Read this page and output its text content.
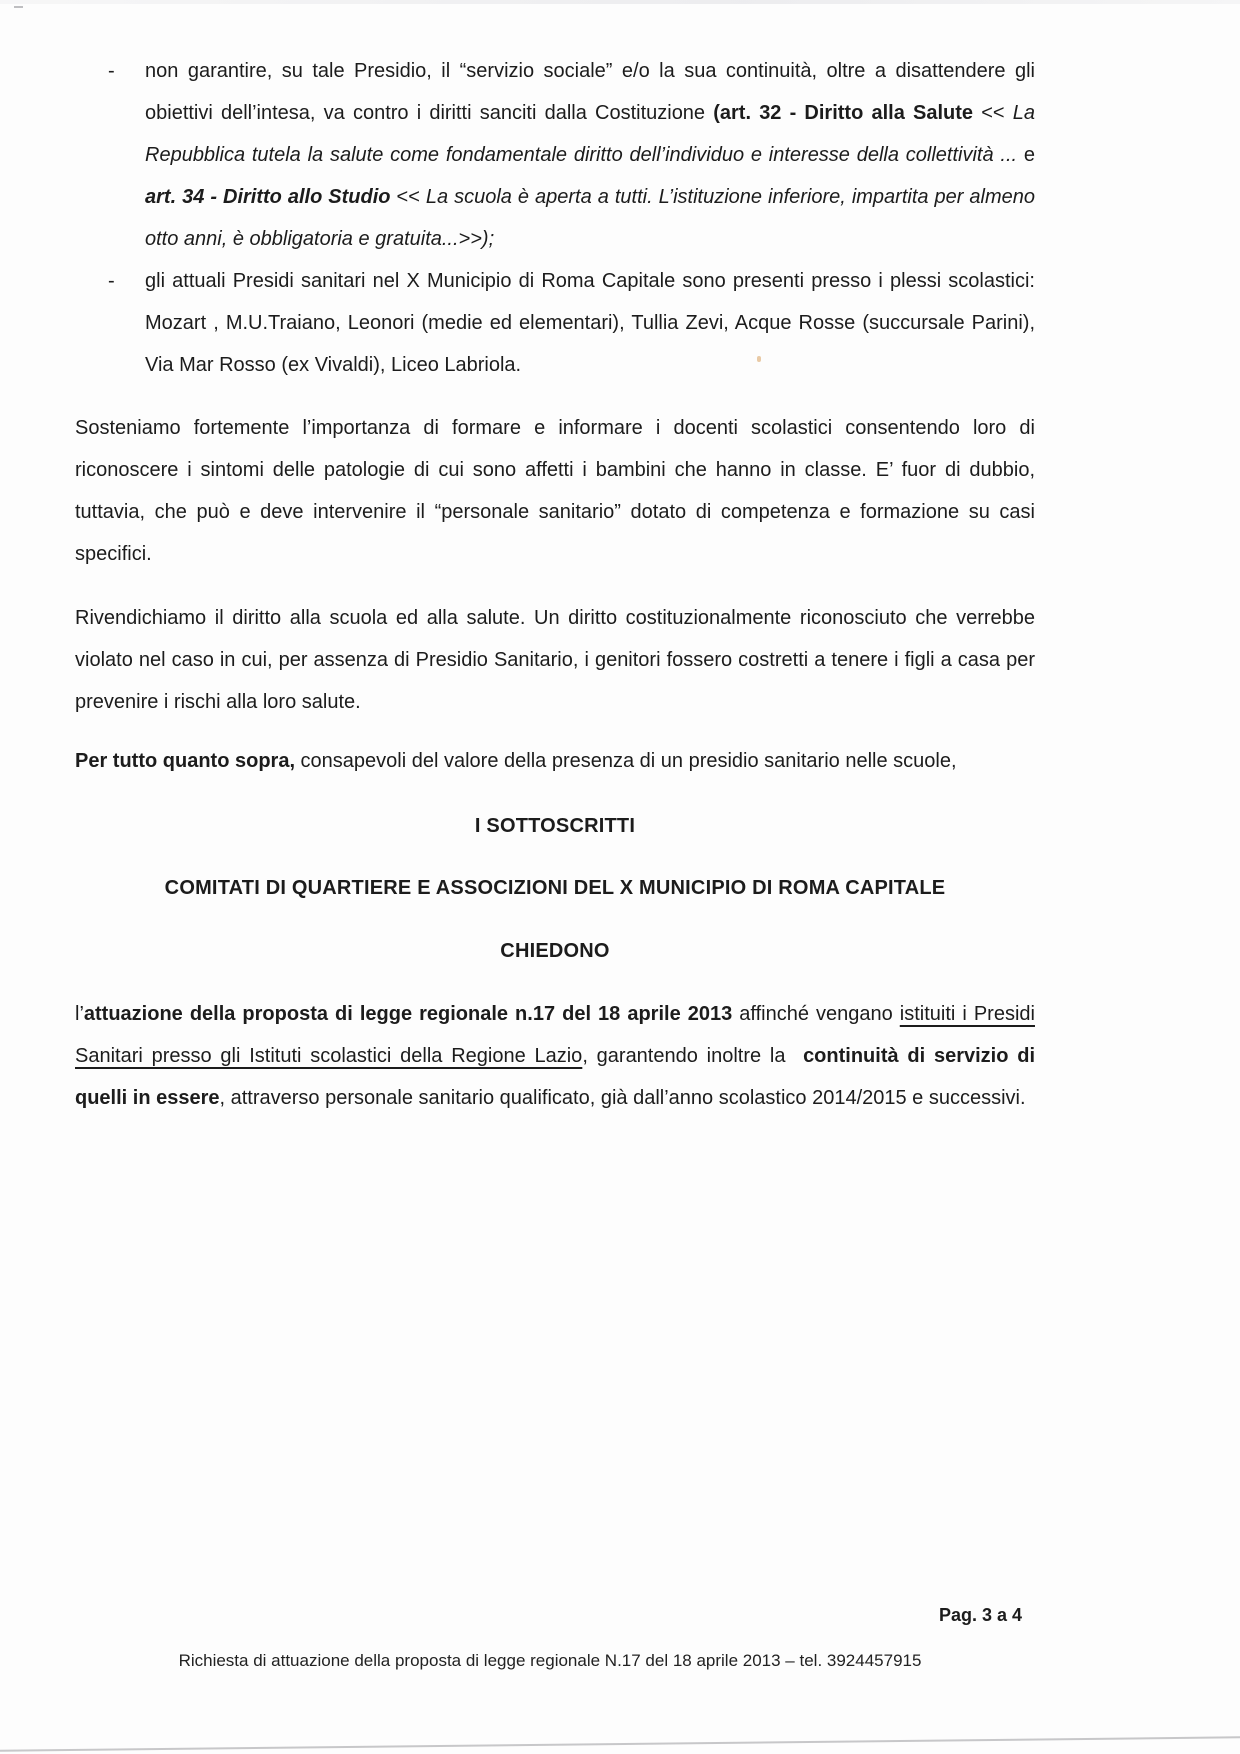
-	non garantire, su tale Presidio, il “servizio sociale” e/o la sua continuità, oltre a disattendere gli obiettivi dell’intesa, va contro i diritti sanciti dalla Costituzione (art. 32 - Diritto alla Salute << La Repubblica tutela la salute come fondamentale diritto dell’individuo e interesse della collettività ... e art. 34 - Diritto allo Studio << La scuola è aperta a tutti. L’istituzione inferiore, impartita per almeno otto anni, è obbligatoria e gratuita...>>);

-	gli attuali Presidi sanitari nel X Municipio di Roma Capitale sono presenti presso i plessi scolastici: Mozart , M.U.Traiano, Leonori (medie ed elementari), Tullia Zevi, Acque Rosse (succursale Parini), Via Mar Rosso (ex Vivaldi), Liceo Labriola.

Sosteniamo fortemente l’importanza di formare e informare i docenti scolastici consentendo loro di riconoscere i sintomi delle patologie di cui sono affetti i bambini che hanno in classe. E’ fuor di dubbio, tuttavia, che può e deve intervenire il “personale sanitario” dotato di competenza e formazione su casi specifici.

Rivendichiamo il diritto alla scuola ed alla salute. Un diritto costituzionalmente riconosciuto che verrebbe violato nel caso in cui, per assenza di Presidio Sanitario, i genitori fossero costretti a tenere i figli a casa per prevenire i rischi alla loro salute.

Per tutto quanto sopra, consapevoli del valore della presenza di un presidio sanitario nelle scuole,

I SOTTOSCRITTI
COMITATI DI QUARTIERE E ASSOCIZIONI DEL X MUNICIPIO DI ROMA CAPITALE
CHIEDONO

l’attuazione della proposta di legge regionale n.17 del 18 aprile 2013 affinché vengano istituiti i Presidi Sanitari presso gli Istituti scolastici della Regione Lazio, garantendo inoltre la  continuità di servizio di quelli in essere, attraverso personale sanitario qualificato, già dall’anno scolastico 2014/2015 e successivi.

Pag. 3 a 4
Richiesta di attuazione della proposta di legge regionale N.17 del 18 aprile 2013 – tel. 3924457915
